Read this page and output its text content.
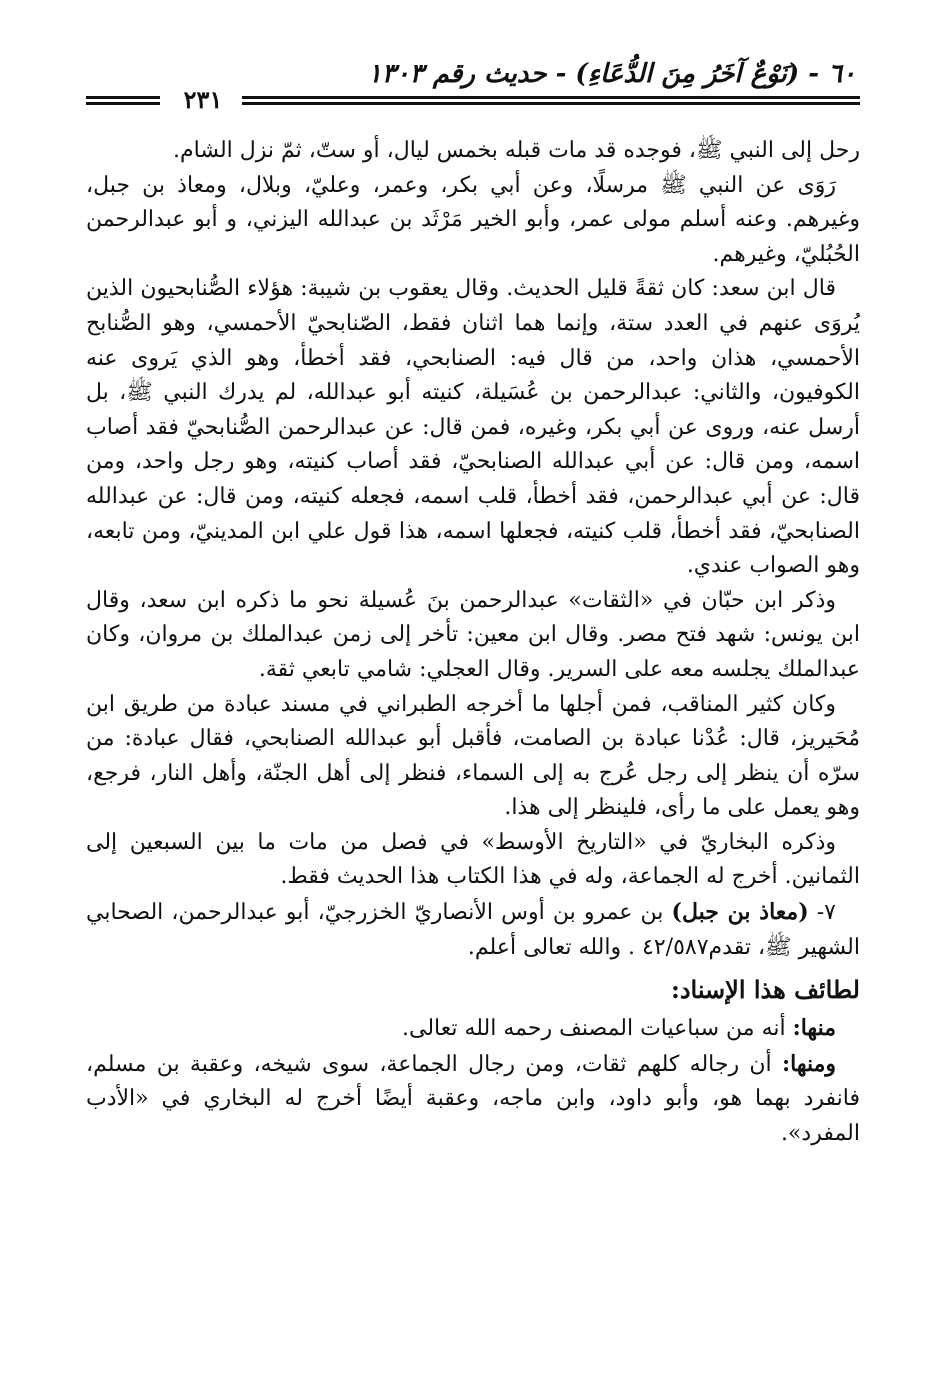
٦٠ - (نَوْعٌ آخَرُ مِنَ الدُّعَاءِ) - حديث رقم ١٣٠٣
٢٣١

رحل إلى النبي ﷺ، فوجده قد مات قبله بخمس ليال، أو ستّ، ثمّ نزل الشام.

رَوَى عن النبي ﷺ مرسلًا، وعن أبي بكر، وعمر، وعليّ، وبلال، ومعاذ بن جبل، وغيرهم. وعنه أسلم مولى عمر، وأبو الخير مَرْثَد بن عبدالله اليزني، و أبو عبدالرحمن الحُبُليّ، وغيرهم.

قال ابن سعد: كان ثقةً قليل الحديث. وقال يعقوب بن شيبة: هؤلاء الصُّنابحيون الذين يُروَى عنهم في العدد ستة، وإنما هما اثنان فقط، الصّنابحيّ الأحمسي، وهو الصُّنابح الأحمسي، هذان واحد، من قال فيه: الصنابحي، فقد أخطأ، وهو الذي يَروى عنه الكوفيون، والثاني: عبدالرحمن بن عُسَيلة، كنيته أبو عبدالله، لم يدرك النبي ﷺ، بل أرسل عنه، وروى عن أبي بكر، وغيره، فمن قال: عن عبدالرحمن الصُّنابحيّ فقد أصاب اسمه، ومن قال: عن أبي عبدالله الصنابحيّ، فقد أصاب كنيته، وهو رجل واحد، ومن قال: عن أبي عبدالرحمن، فقد أخطأ، قلب اسمه، فجعله كنيته، ومن قال: عن عبدالله الصنابحيّ، فقد أخطأ، قلب كنيته، فجعلها اسمه، هذا قول علي ابن المدينيّ، ومن تابعه، وهو الصواب عندي.

وذكر ابن حبّان في «الثقات» عبدالرحمن بنَ عُسيلة نحو ما ذكره ابن سعد، وقال ابن يونس: شهد فتح مصر. وقال ابن معين: تأخر إلى زمن عبدالملك بن مروان، وكان عبدالملك يجلسه معه على السرير. وقال العجلي: شامي تابعي ثقة.

وكان كثير المناقب، فمن أجلها ما أخرجه الطبراني في مسند عبادة من طريق ابن مُحَيريز، قال: عُدْنا عبادة بن الصامت، فأقبل أبو عبدالله الصنابحي، فقال عبادة: من سرّه أن ينظر إلى رجل عُرج به إلى السماء، فنظر إلى أهل الجنّة، وأهل النار، فرجع، وهو يعمل على ما رأى، فلينظر إلى هذا.

وذكره البخاريّ في «التاريخ الأوسط» في فصل من مات ما بين السبعين إلى الثمانين. أخرج له الجماعة، وله في هذا الكتاب هذا الحديث فقط.

٧- (معاذ بن جبل) بن عمرو بن أوس الأنصاريّ الخزرجيّ، أبو عبدالرحمن، الصحابي الشهير ﷺ، تقدم٤٢/٥٨٧ . والله تعالى أعلم.

لطائف هذا الإسناد:

منها: أنه من سباعيات المصنف رحمه الله تعالى.

ومنها: أن رجاله كلهم ثقات، ومن رجال الجماعة، سوى شيخه، وعقبة بن مسلم، فانفرد بهما هو، وأبو داود، وابن ماجه، وعقبة أيضًا أخرج له البخاري في «الأدب المفرد».
